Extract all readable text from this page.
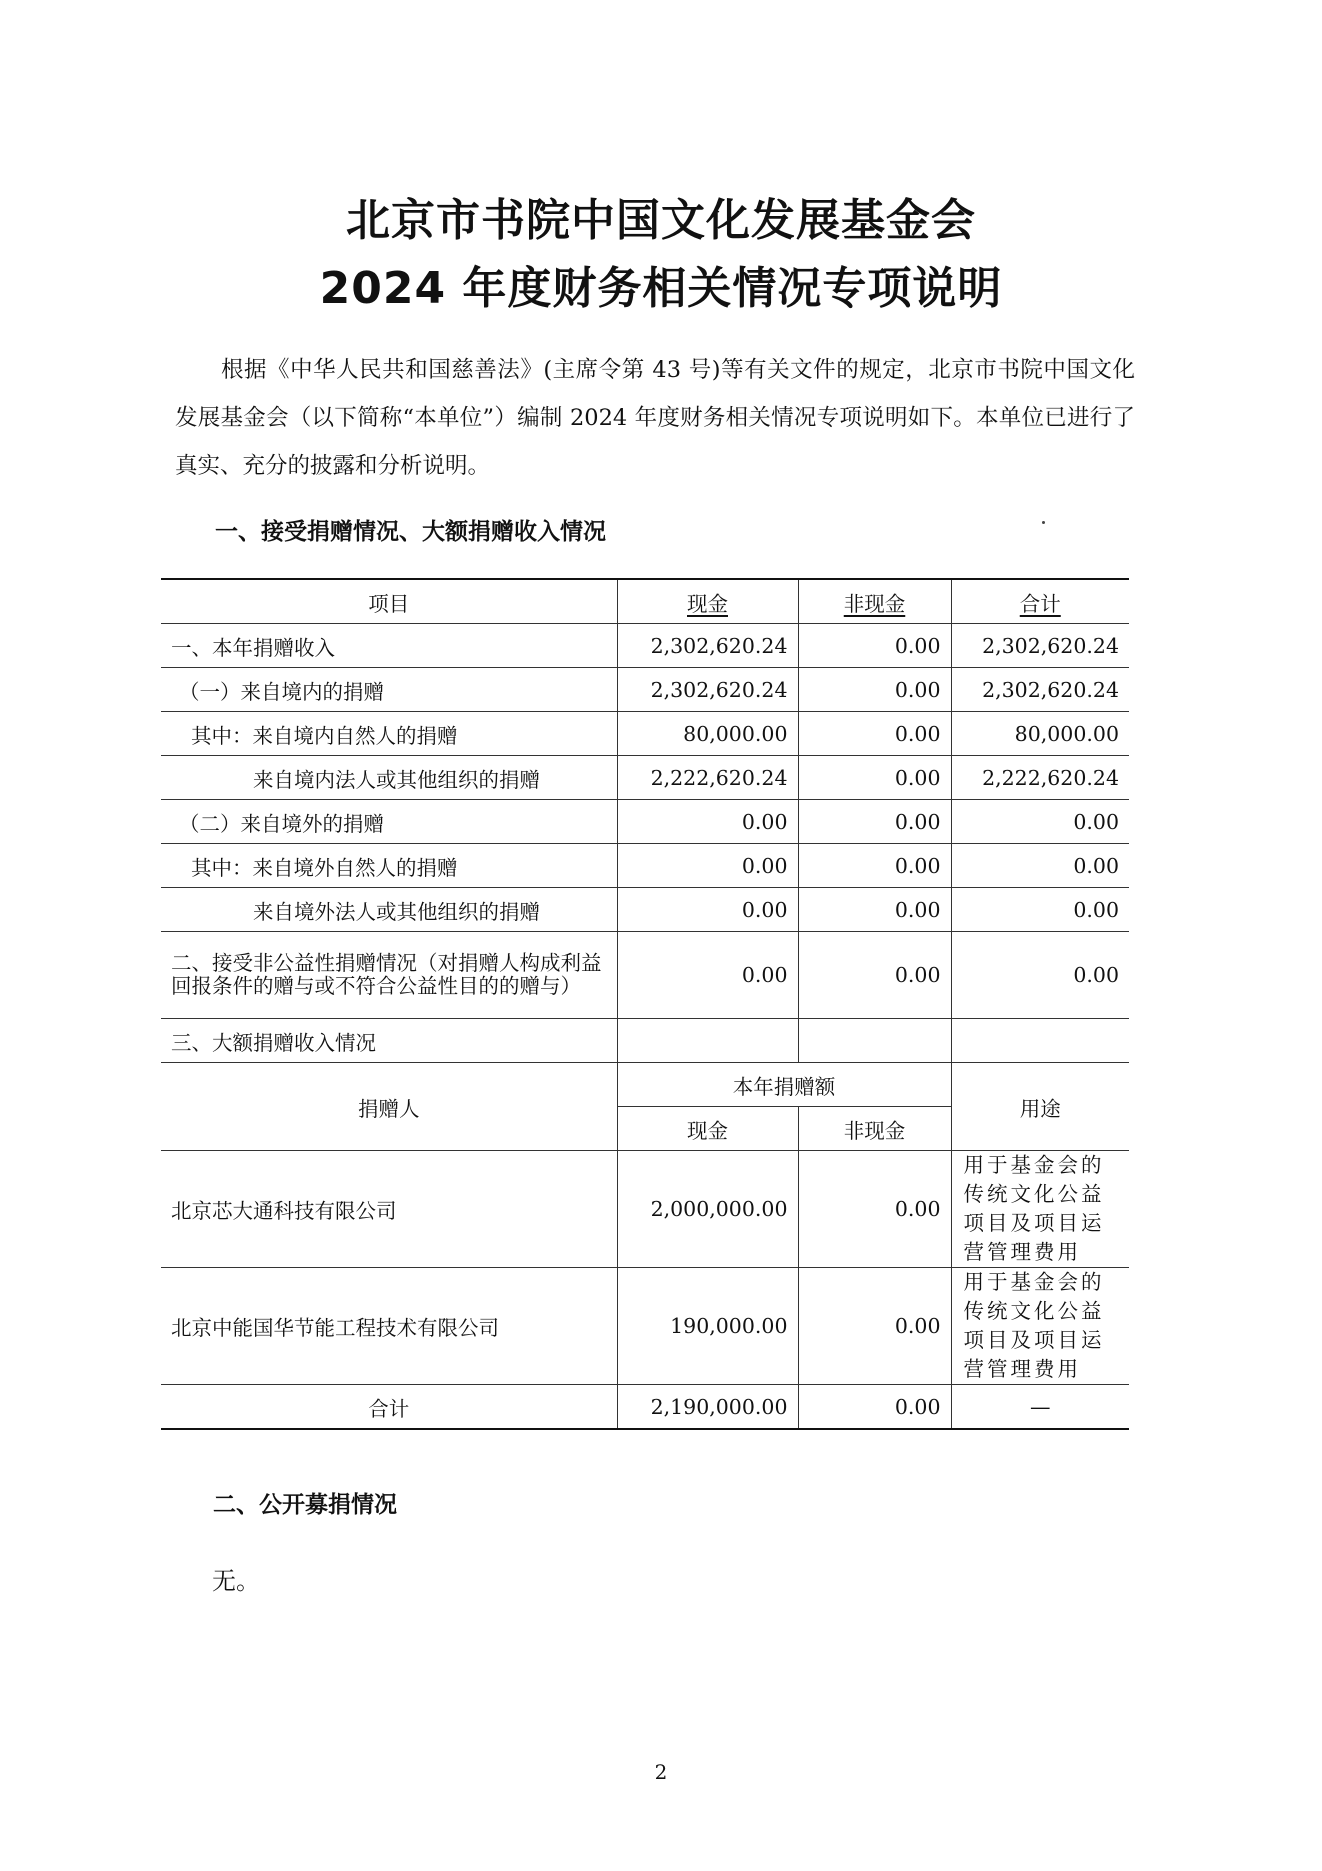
北京市书院中国文化发展基金会
2024 年度财务相关情况专项说明
根据《中华人民共和国慈善法》(主席令第 43 号)等有关文件的规定，北京市书院中国文化发展基金会（以下简称“本单位”）编制 2024 年度财务相关情况专项说明如下。本单位已进行了真实、充分的披露和分析说明。
一、接受捐赠情况、大额捐赠收入情况
项目	现金	非现金	合计
一、本年捐赠收入	2,302,620.24	0.00	2,302,620.24
（一）来自境内的捐赠	2,302,620.24	0.00	2,302,620.24
其中：来自境内自然人的捐赠	80,000.00	0.00	80,000.00
来自境内法人或其他组织的捐赠	2,222,620.24	0.00	2,222,620.24
（二）来自境外的捐赠	0.00	0.00	0.00
其中：来自境外自然人的捐赠	0.00	0.00	0.00
来自境外法人或其他组织的捐赠	0.00	0.00	0.00
二、接受非公益性捐赠情况（对捐赠人构成利益回报条件的赠与或不符合公益性目的的赠与）	0.00	0.00	0.00
三、大额捐赠收入情况			
捐赠人	本年捐赠额		用途
	现金	非现金	
北京芯大通科技有限公司	2,000,000.00	0.00	用于基金会的传统文化公益项目及项目运营管理费用
北京中能国华节能工程技术有限公司	190,000.00	0.00	用于基金会的传统文化公益项目及项目运营管理费用
合计	2,190,000.00	0.00	—
二、公开募捐情况
无。
2
